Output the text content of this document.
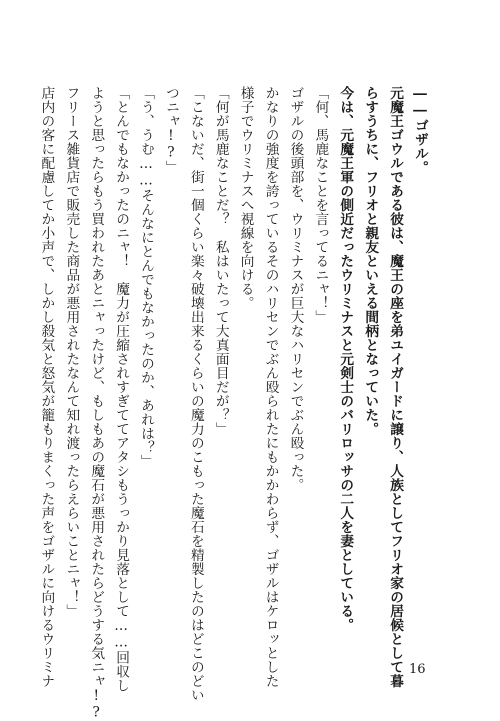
――ゴザル。

元魔王ゴウルである彼は、魔王の座を弟ユイガードに譲り、人族としてフリオ家の居候として暮

らすうちに、フリオと親友といえる間柄となっていた。

今は、元魔王軍の側近だったウリミナスと元剣士のバリロッサの二人を妻としている。

「何、馬鹿なことを言ってるニャ！」

ゴザルの後頭部を、ウリミナスが巨大なハリセンでぶん殴った。

かなりの強度を誇っているそのハリセンでぶん殴られたにもかかわらず、ゴザルはケロッとした

様子でウリミナスへ視線を向ける。

「何が馬鹿なことだ？　私はいたって大真面目だが？」

「こないだ、街一個くらい楽々破壊出来るくらいの魔力のこもった魔石を精製したのはどこのどい

つニャ!?」

「う、うむ……そんなにとんでもなかったのか、あれは？」

「とんでもなかったのニャ！　魔力が圧縮されすぎててアタシもうっかり見落として……回収し

ようと思ったらもう買われたあとニャったけど、もしもあの魔石が悪用されたらどうする気ニャ!?

フリース雑貨店で販売した商品が悪用されたなんて知れ渡ったらえらいことニャ！」

店内の客に配慮してか小声で、しかし殺気と怒気が籠もりまくった声をゴザルに向けるウリミナ	16
